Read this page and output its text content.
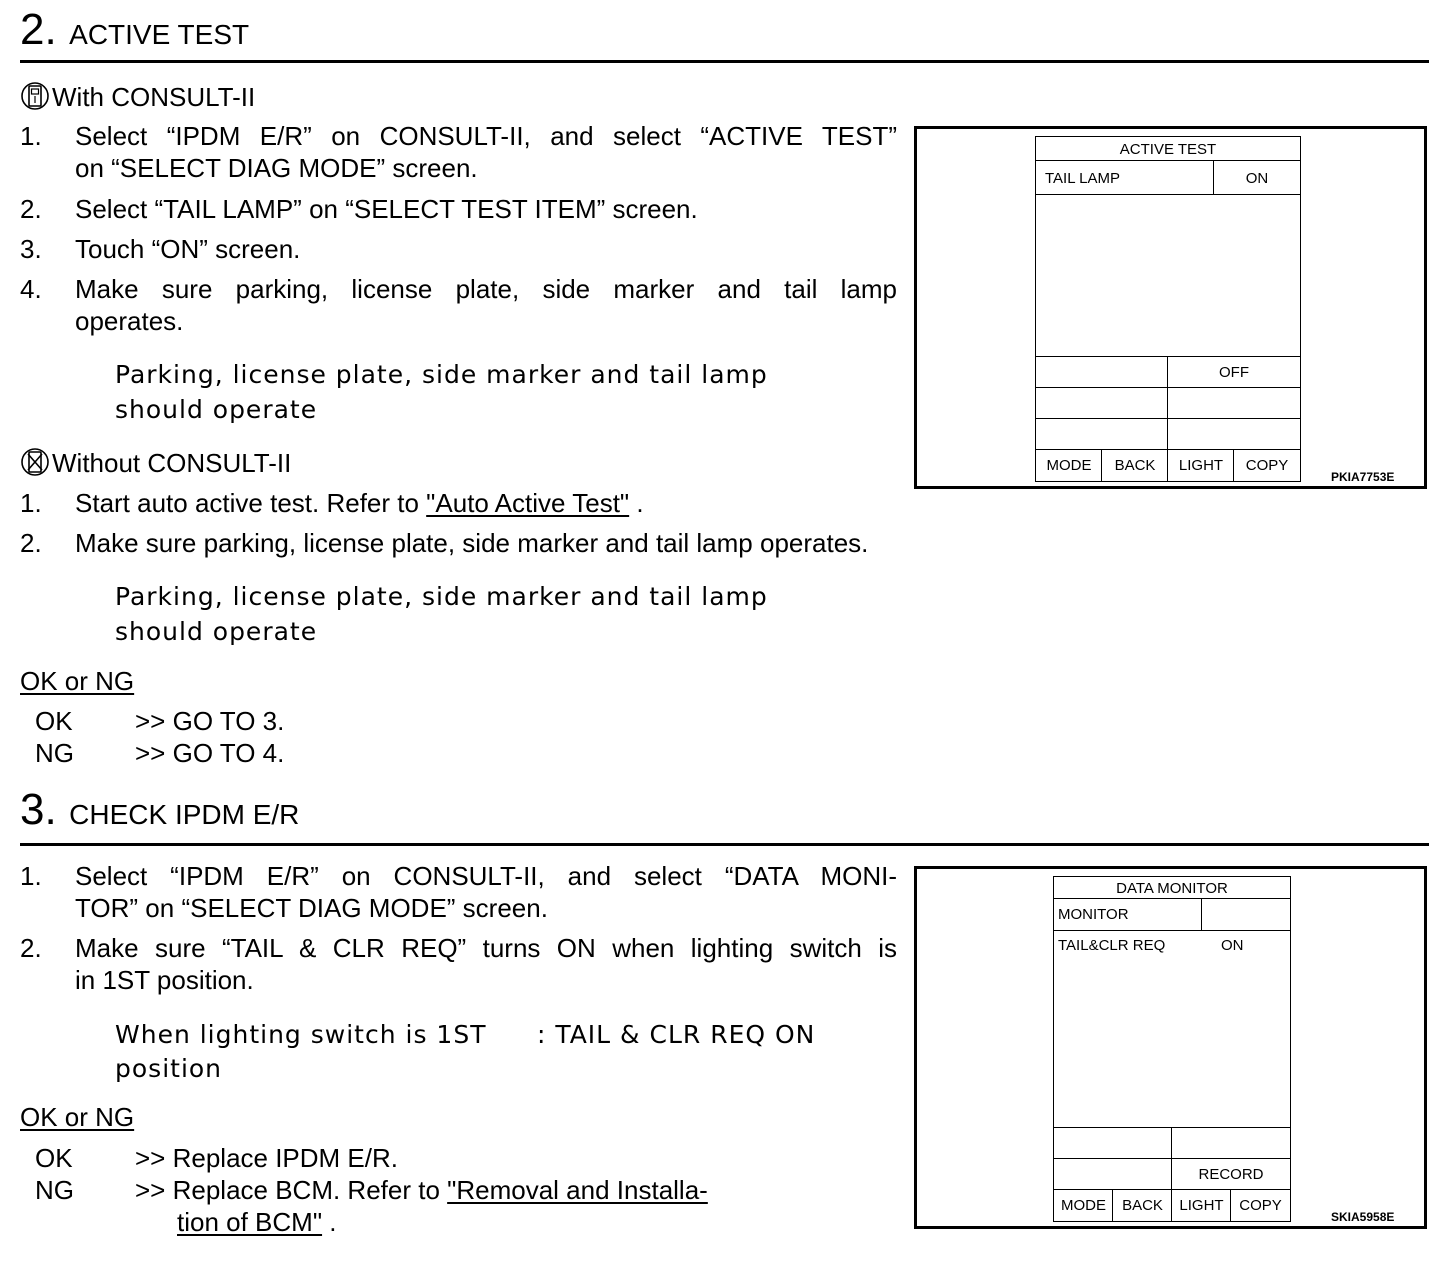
2. ACTIVE TEST
With CONSULT-II
1. Select “IPDM E/R” on CONSULT-II, and select “ACTIVE TEST”
on “SELECT DIAG MODE” screen.
2. Select “TAIL LAMP” on “SELECT TEST ITEM” screen.
3. Touch “ON” screen.
4. Make sure parking, license plate, side marker and tail lamp
operates.
Parking, license plate, side marker and tail lamp
should operate
Without CONSULT-II
1. Start auto active test. Refer to "Auto Active Test" .
2. Make sure parking, license plate, side marker and tail lamp operates.
Parking, license plate, side marker and tail lamp
should operate
OK or NG
OK >> GO TO 3.
NG >> GO TO 4.
ACTIVE TEST
TAIL LAMP	ON
OFF
MODE	BACK	LIGHT	COPY
PKIA7753E
3. CHECK IPDM E/R
1. Select “IPDM E/R” on CONSULT-II, and select “DATA MONI-
TOR” on “SELECT DIAG MODE” screen.
2. Make sure “TAIL & CLR REQ” turns ON when lighting switch is
in 1ST position.
When lighting switch is 1ST : TAIL & CLR REQ ON
position
OK or NG
OK >> Replace IPDM E/R.
NG >> Replace BCM. Refer to "Removal and Installa-
tion of BCM" .
DATA MONITOR
MONITOR
TAIL&CLR REQ	ON
RECORD
MODE	BACK	LIGHT	COPY
SKIA5958E
